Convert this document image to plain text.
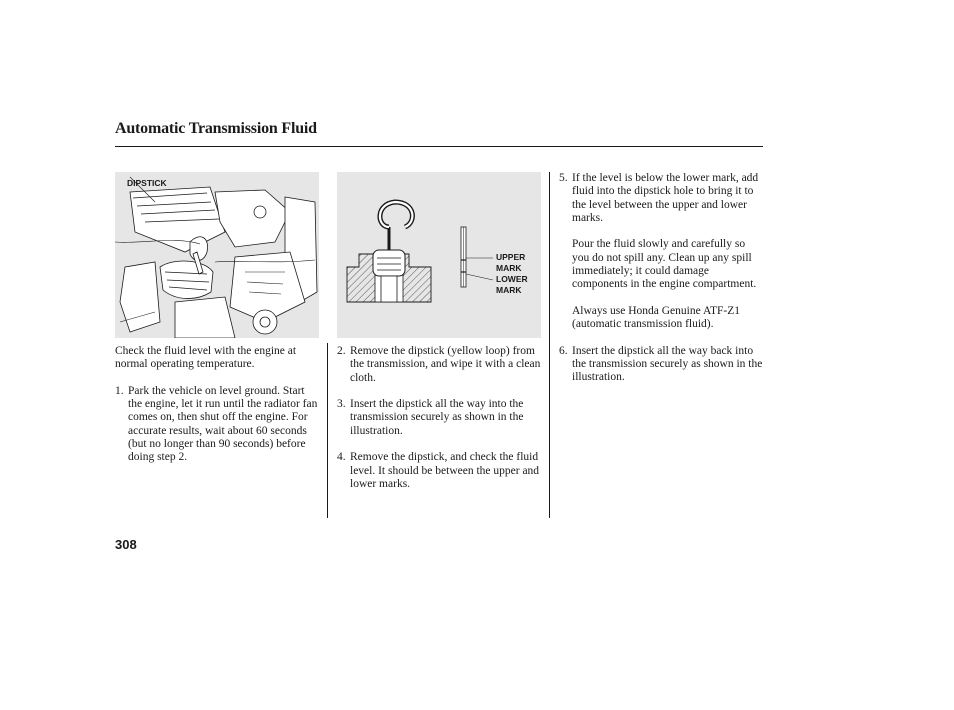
Automatic Transmission Fluid
DIPSTICK
UPPER
MARK
LOWER
MARK

Check the fluid level with the engine at normal operating temperature.

1. Park the vehicle on level ground. Start the engine, let it run until the radiator fan comes on, then shut off the engine. For accurate results, wait about 60 seconds (but no longer than 90 seconds) before doing step 2.
2. Remove the dipstick (yellow loop) from the transmission, and wipe it with a clean cloth.
3. Insert the dipstick all the way into the transmission securely as shown in the illustration.
4. Remove the dipstick, and check the fluid level. It should be between the upper and lower marks.
5. If the level is below the lower mark, add fluid into the dipstick hole to bring it to the level between the upper and lower marks.

Pour the fluid slowly and carefully so you do not spill any. Clean up any spill immediately; it could damage components in the engine compartment.

Always use Honda Genuine ATF-Z1 (automatic transmission fluid).

6. Insert the dipstick all the way back into the transmission securely as shown in the illustration.
308
